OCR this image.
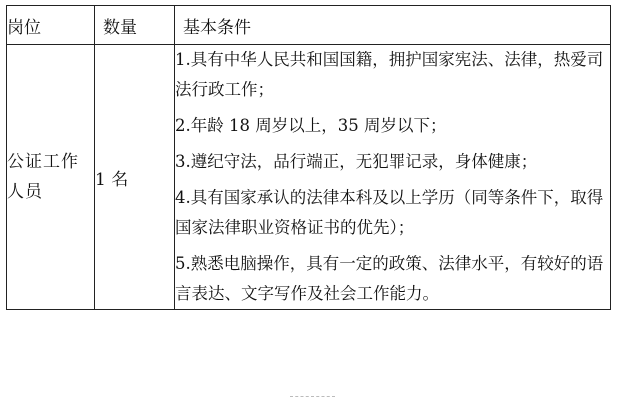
岗位	数量	基本条件
公证工作人员	1 名	1.具有中华人民共和国国籍，拥护国家宪法、法律，热爱司法行政工作；

2.年龄 18 周岁以上，35 周岁以下；

3.遵纪守法，品行端正，无犯罪记录，身体健康；

4.具有国家承认的法律本科及以上学历（同等条件下，取得国家法律职业资格证书的优先）；

5.熟悉电脑操作，具有一定的政策、法律水平，有较好的语言表达、文字写作及社会工作能力。
